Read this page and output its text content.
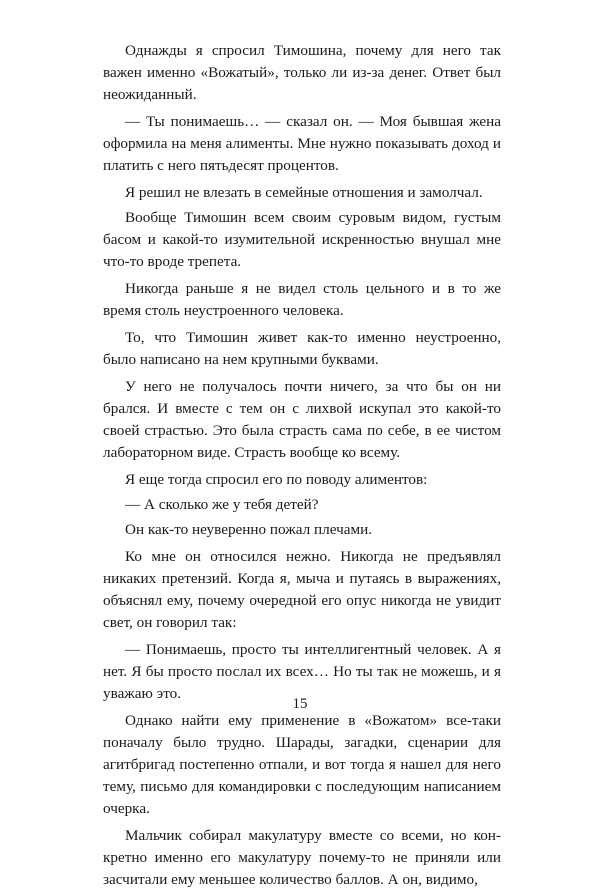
Однажды я спросил Тимошина, почему для него так важен именно «Вожатый», только ли из-за денег. Ответ был неожиданный.

— Ты понимаешь… — сказал он. — Моя бывшая жена оформила на меня алименты. Мне нужно показывать доход и платить с него пятьдесят процентов.

Я решил не влезать в семейные отношения и замолчал.

Вообще Тимошин всем своим суровым видом, густым басом и какой-то изумительной искренностью внушал мне что-то вроде трепета.

Никогда раньше я не видел столь цельного и в то же время столь неустроенного человека.

То, что Тимошин живет как-то именно неустроенно, было написано на нем крупными буквами.

У него не получалось почти ничего, за что бы он ни брался. И вместе с тем он с лихвой искупал это какой-то своей страстью. Это была страсть сама по себе, в ее чистом лабораторном виде. Страсть вообще ко всему.

Я еще тогда спросил его по поводу алиментов:

— А сколько же у тебя детей?

Он как-то неуверенно пожал плечами.

Ко мне он относился нежно. Никогда не предъявлял никаких претензий. Когда я, мыча и путаясь в выражениях, объяснял ему, почему очередной его опус никогда не увидит свет, он говорил так:

— Понимаешь, просто ты интеллигентный человек. А я нет. Я бы просто послал их всех… Но ты так не можешь, и я уважаю это.

Однако найти ему применение в «Вожатом» все-таки поначалу было трудно. Шарады, загадки, сценарии для агитбригад постепенно отпали, и вот тогда я нашел для него тему, письмо для командировки с последующим написанием очерка.

Мальчик собирал макулатуру вместе со всеми, но конкретно именно его макулатуру почему-то не приняли или засчитали ему меньшее количество баллов. А он, видимо,

15
